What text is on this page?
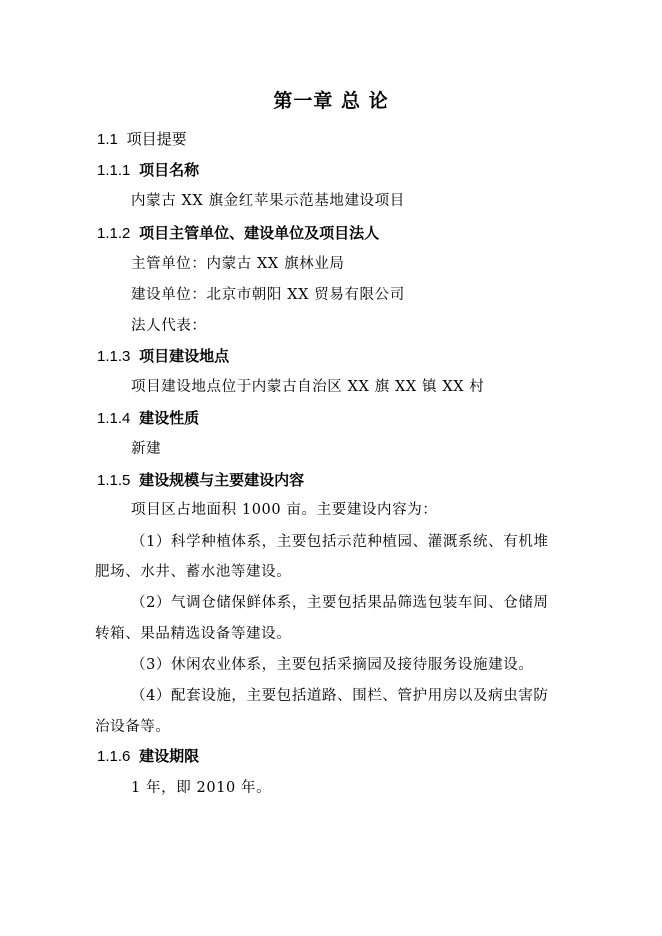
第一章 总 论
1.1 项目提要
1.1.1 项目名称
内蒙古 XX 旗金红苹果示范基地建设项目
1.1.2 项目主管单位、建设单位及项目法人
主管单位：内蒙古 XX 旗林业局
建设单位：北京市朝阳 XX 贸易有限公司
法人代表：
1.1.3 项目建设地点
项目建设地点位于内蒙古自治区 XX 旗 XX 镇 XX 村
1.1.4 建设性质
新建
1.1.5 建设规模与主要建设内容
项目区占地面积 1000 亩。主要建设内容为：
（1）科学种植体系，主要包括示范种植园、灌溉系统、有机堆
肥场、水井、蓄水池等建设。
（2）气调仓储保鲜体系，主要包括果品筛选包装车间、仓储周
转箱、果品精选设备等建设。
（3）休闲农业体系，主要包括采摘园及接待服务设施建设。
（4）配套设施，主要包括道路、围栏、管护用房以及病虫害防
治设备等。
1.1.6 建设期限
1 年，即 2010 年。
